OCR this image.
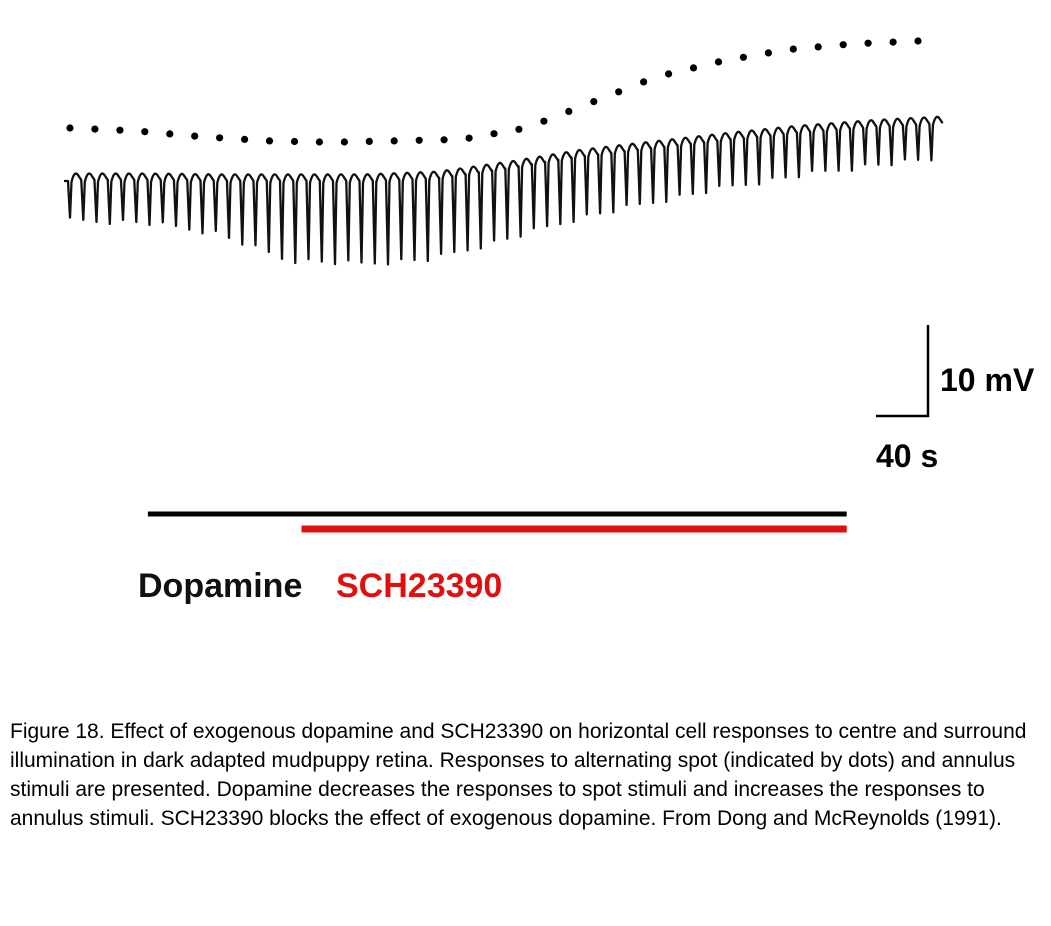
10 mV
40 s
Dopamine SCH23390

Figure 18. Effect of exogenous dopamine and SCH23390 on horizontal cell responses to centre and surround illumination in dark adapted mudpuppy retina. Responses to alternating spot (indicated by dots) and annulus stimuli are presented. Dopamine decreases the responses to spot stimuli and increases the responses to annulus stimuli. SCH23390 blocks the effect of exogenous dopamine. From Dong and McReynolds (1991).
